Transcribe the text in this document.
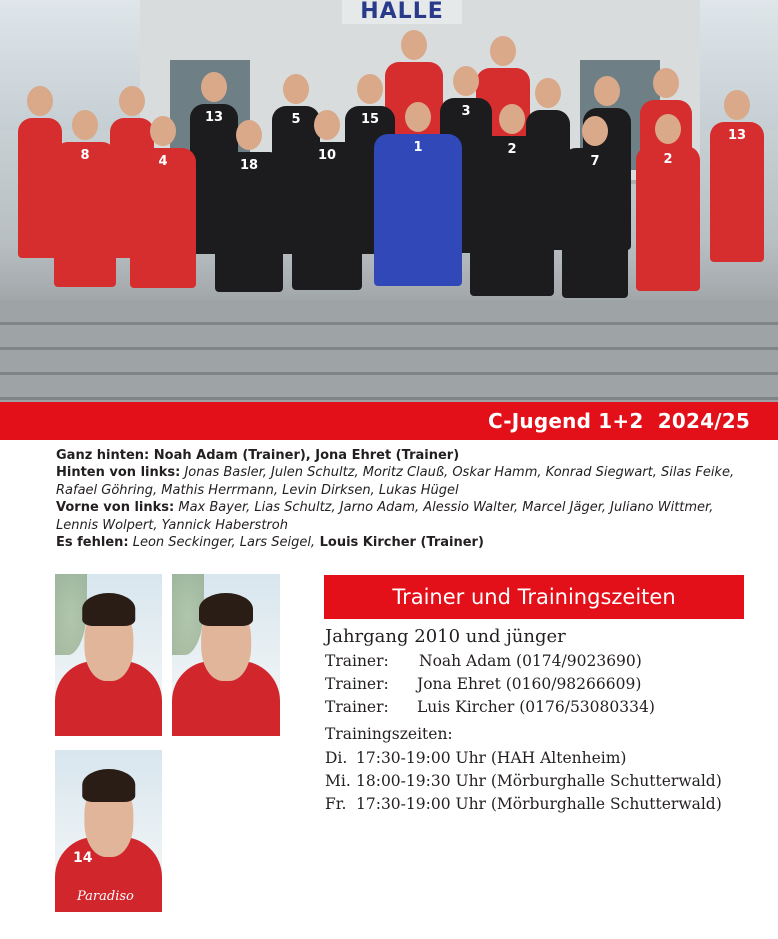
HALLE
13	5	15
3
13
8	4	18
10
1	2
7	2
C-Jugend 1+2  2024/25
Ganz hinten: Noah Adam (Trainer), Jona Ehret (Trainer)
Hinten von links: Jonas Basler, Julen Schultz, Moritz Clauß, Oskar Hamm, Konrad Siegwart, Silas Feike,
Rafael Göhring, Mathis Herrmann, Levin Dirksen, Lukas Hügel
Vorne von links: Max Bayer, Lias Schultz, Jarno Adam, Alessio Walter, Marcel Jäger, Juliano Wittmer,
Lennis Wolpert, Yannick Haberstroh
Es fehlen: Leon Seckinger, Lars Seigel, Louis Kircher (Trainer)
14
Paradiso
Trainer und Trainingszeiten
Jahrgang 2010 und jünger
Trainer: Noah Adam (0174/9023690)
Trainer: Jona Ehret (0160/98266609)
Trainer: Luis Kircher (0176/53080334)
Trainingszeiten:
Di. 17:30-19:00 Uhr (HAH Altenheim)
Mi. 18:00-19:30 Uhr (Mörburghalle Schutterwald)
Fr. 17:30-19:00 Uhr (Mörburghalle Schutterwald)
